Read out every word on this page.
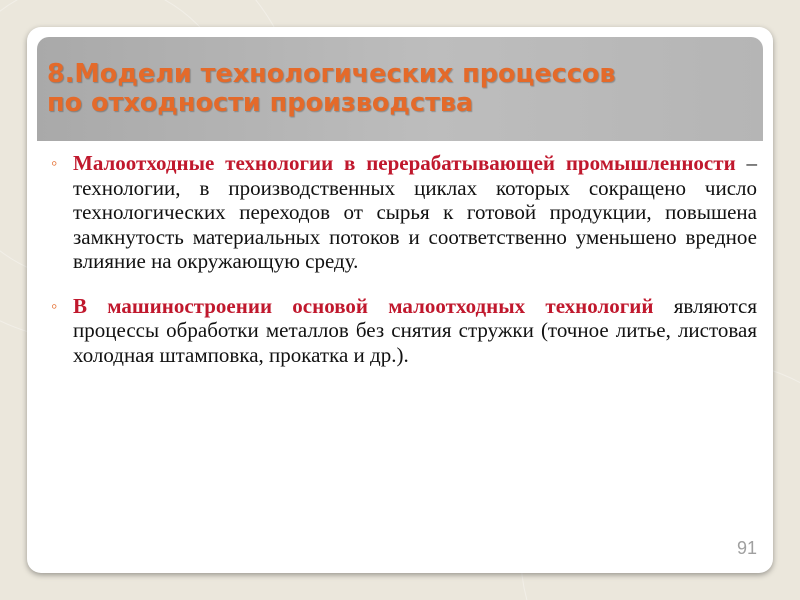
8.Модели технологических процессов
по отходности производства
◦ Малоотходные технологии в перерабатывающей промышленности – технологии, в производственных циклах которых сокращено число технологических переходов от сырья к готовой продукции, повышена замкнутость материальных потоков и соответственно уменьшено вредное влияние на окружающую среду.
◦ В машиностроении основой малоотходных технологий являются процессы обработки металлов без снятия стружки (точное литье, листовая холодная штамповка, прокатка и др.).
91
